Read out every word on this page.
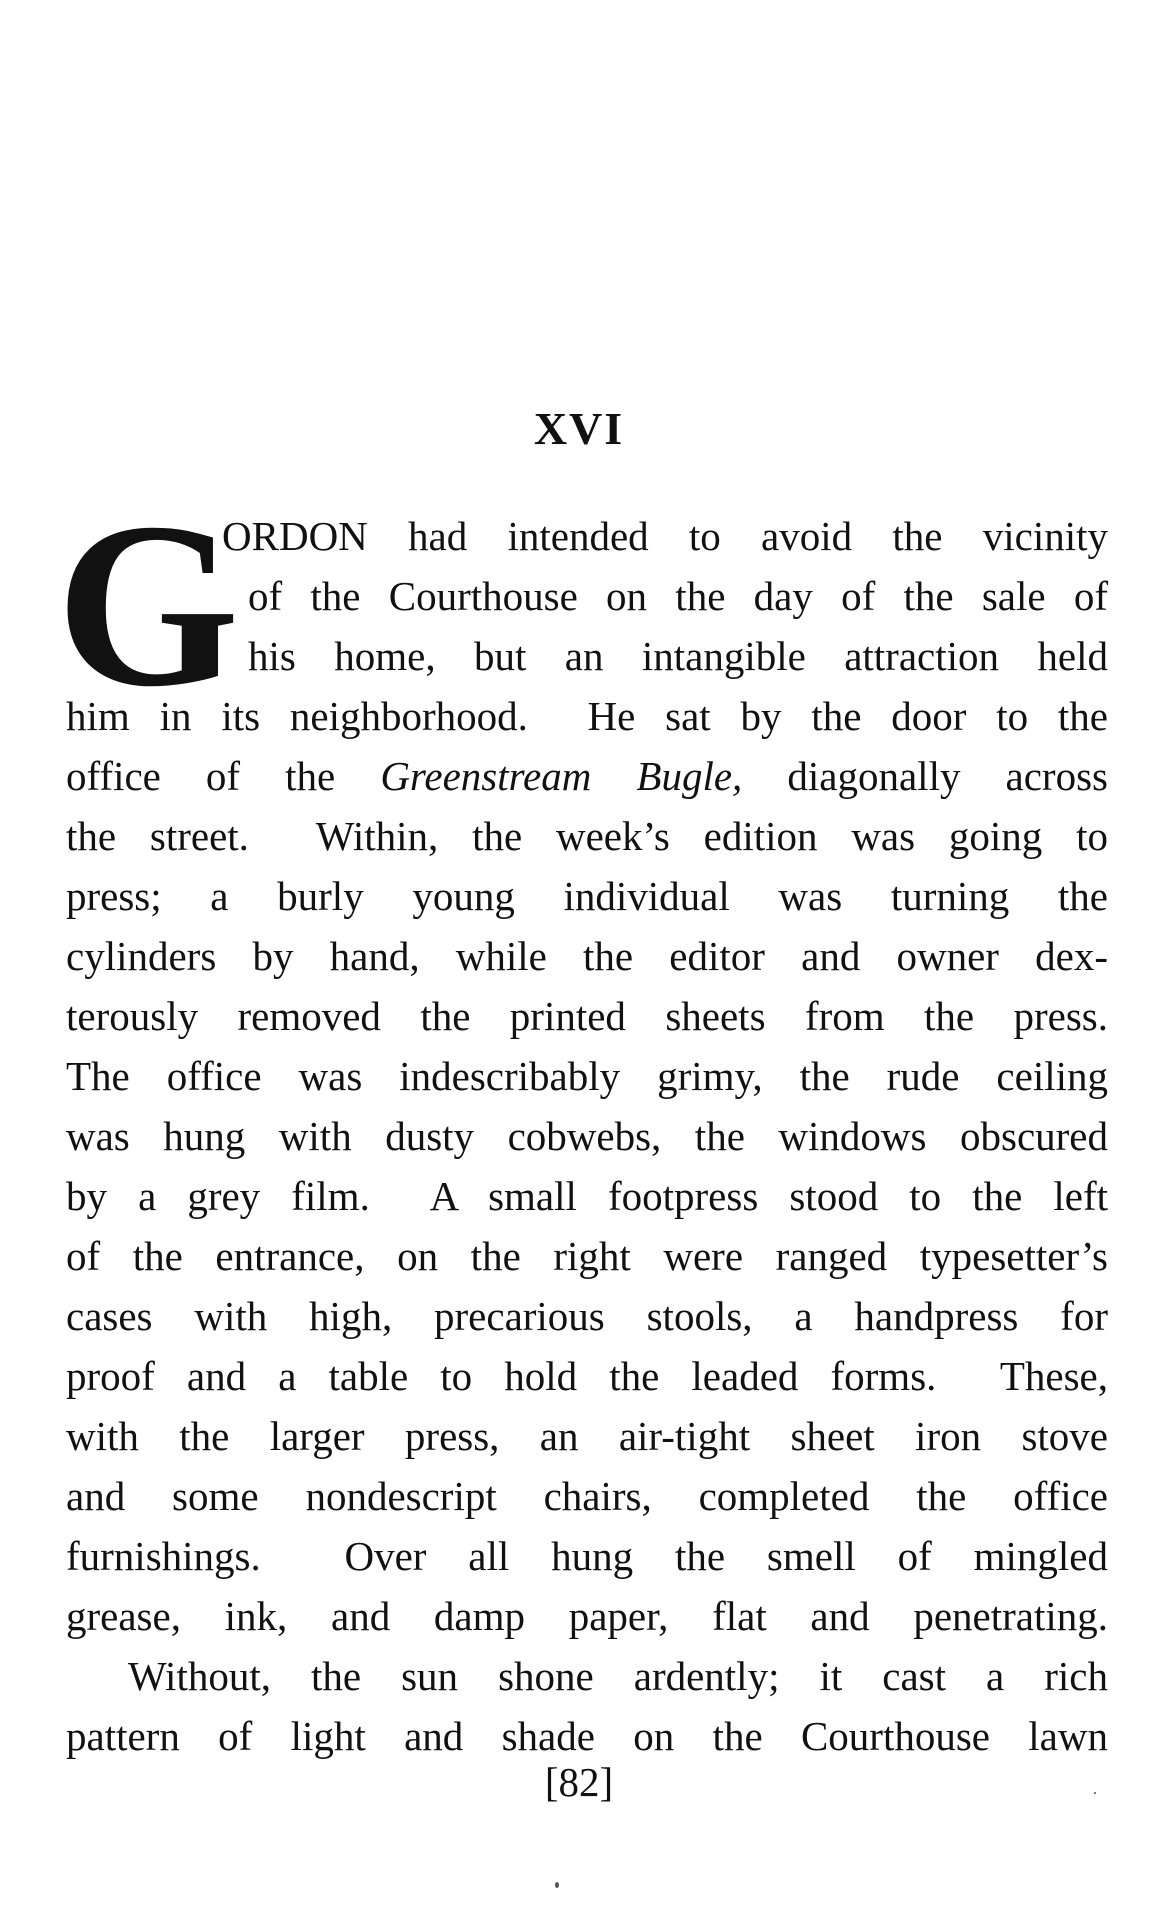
XVI
G
ORDON had intended to avoid the vicinity
of the Courthouse on the day of the sale of
his home, but an intangible attraction held
him in its neighborhood.  He sat by the door to the
office of the Greenstream Bugle, diagonally across
the street.  Within, the week’s edition was going to
press; a burly young individual was turning the
cylinders by hand, while the editor and owner dex-
terously removed the printed sheets from the press.
The office was indescribably grimy, the rude ceiling
was hung with dusty cobwebs, the windows obscured
by a grey film.  A small footpress stood to the left
of the entrance, on the right were ranged typesetter’s
cases with high, precarious stools, a handpress for
proof and a table to hold the leaded forms.  These,
with the larger press, an air-tight sheet iron stove
and some nondescript chairs, completed the office
furnishings.  Over all hung the smell of mingled
grease, ink, and damp paper, flat and penetrating.
Without, the sun shone ardently; it cast a rich
pattern of light and shade on the Courthouse lawn
[82]
